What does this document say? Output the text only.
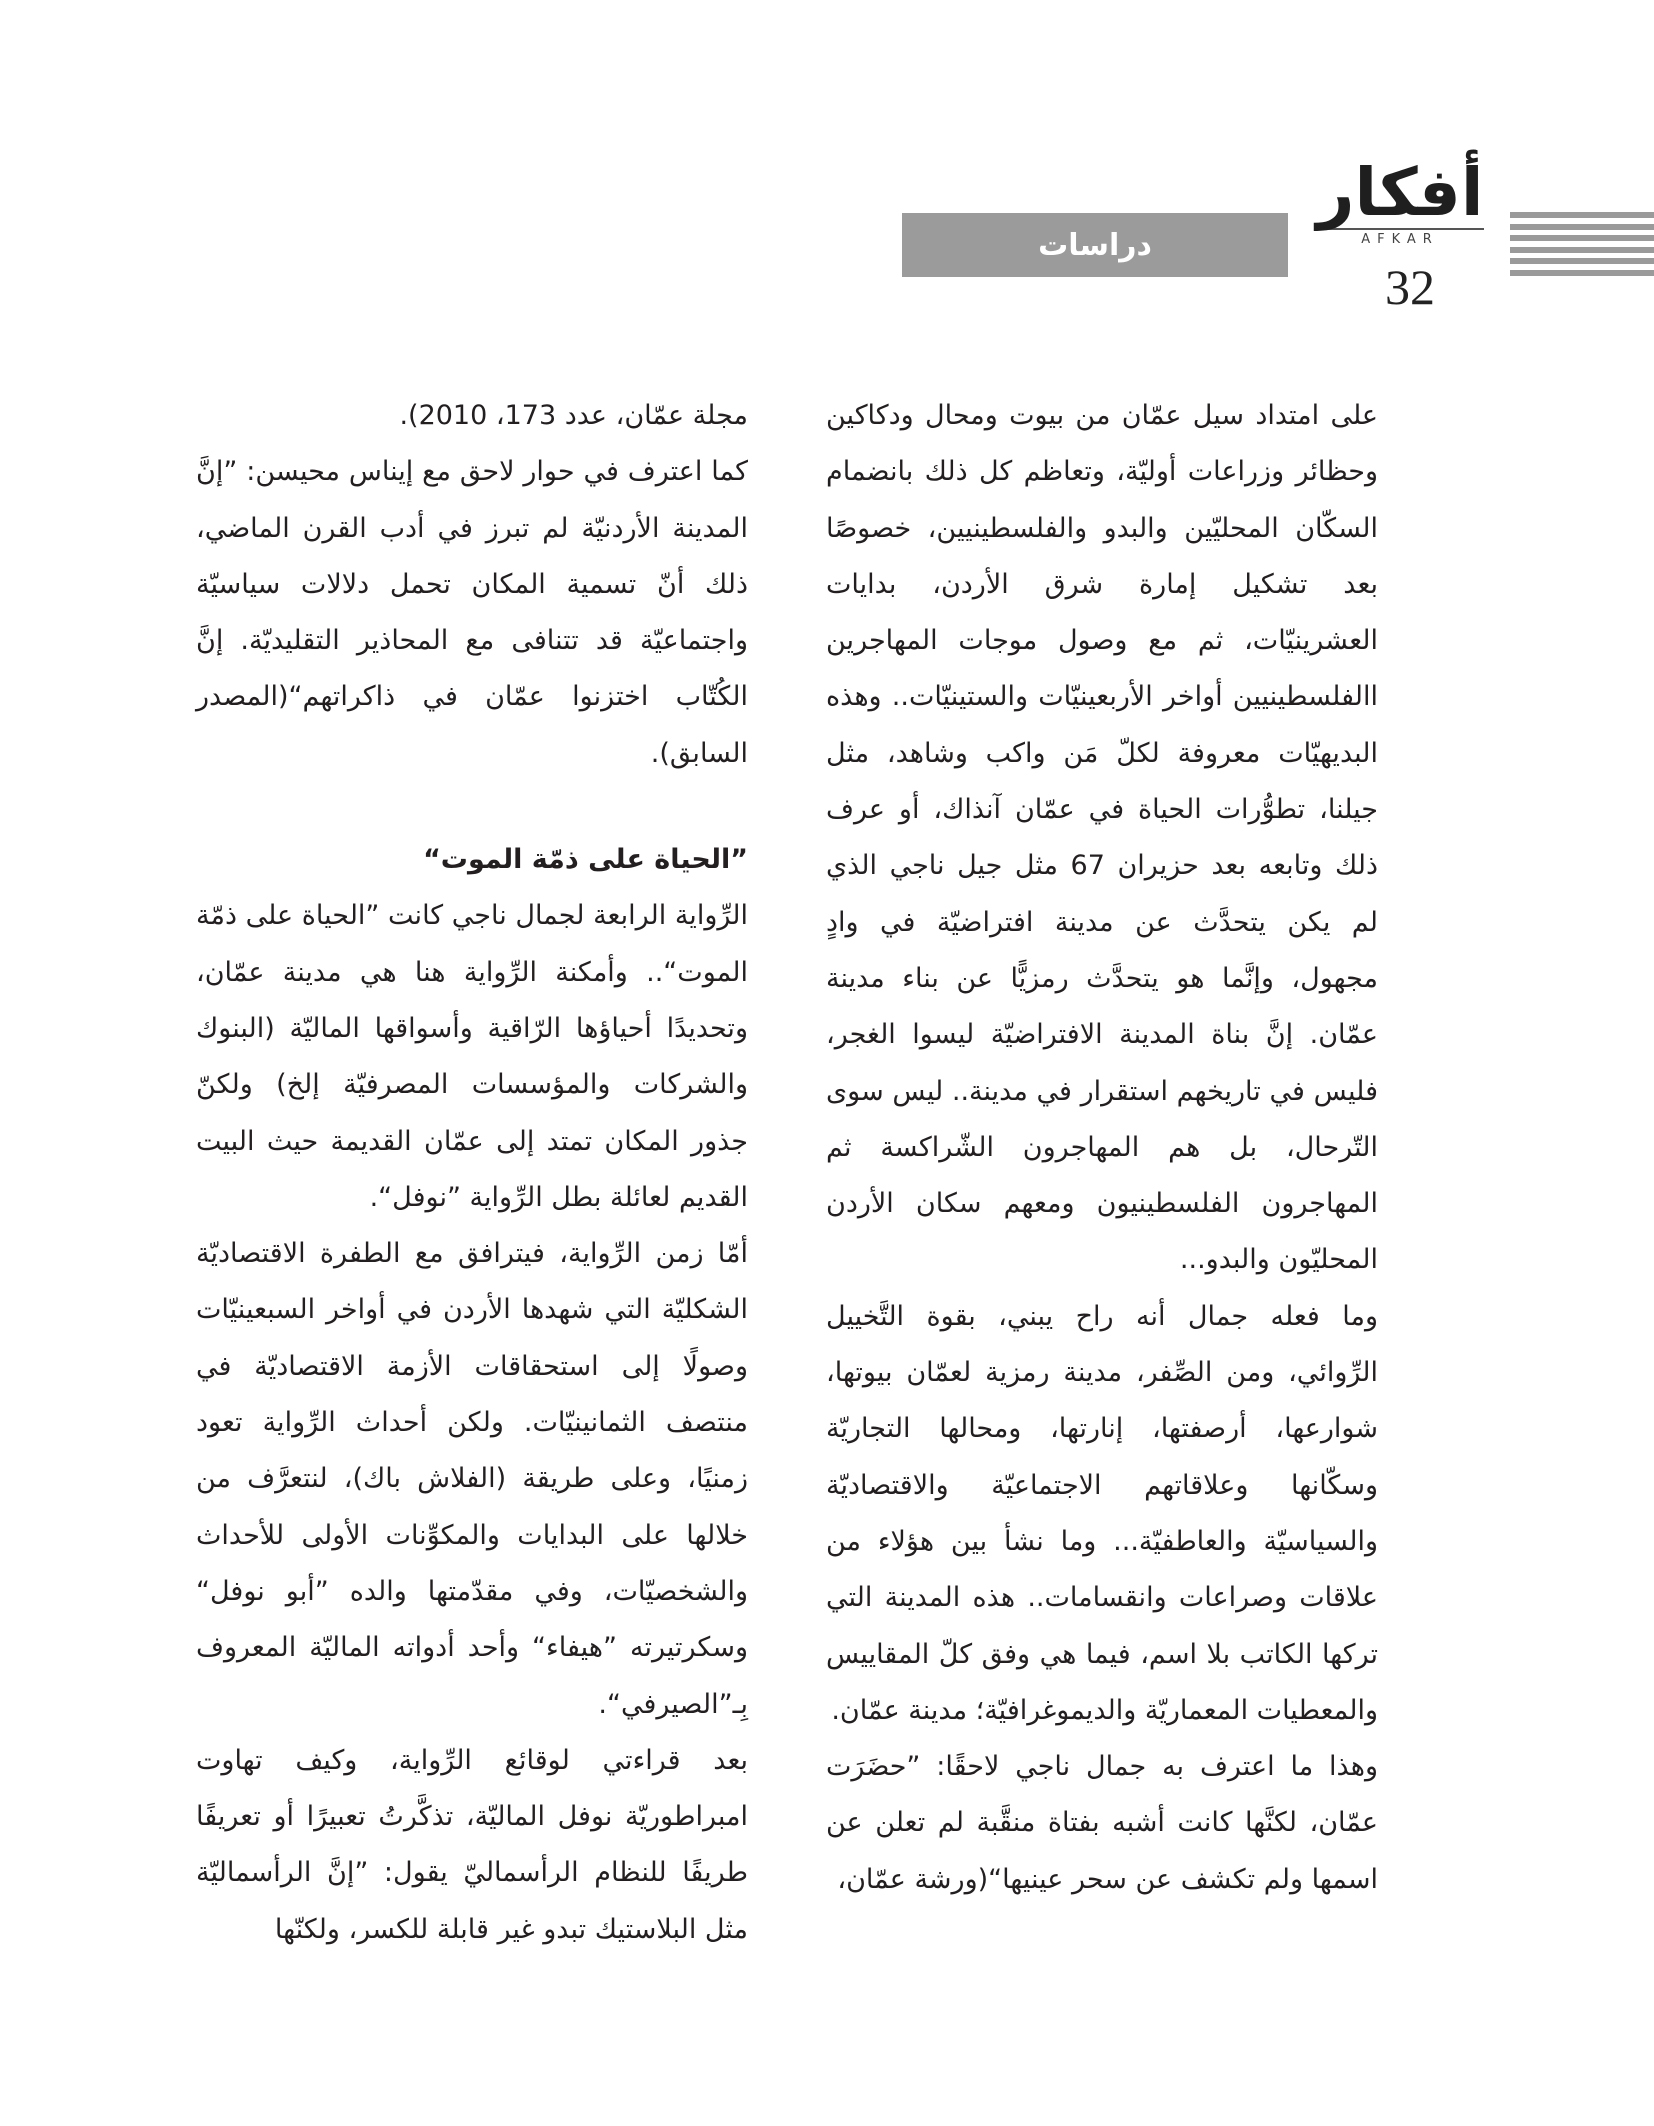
أفكار
AFKAR
32
دراسات

على امتداد سيل عمّان من بيوت ومحال ودكاكين وحظائر وزراعات أوليّة، وتعاظم كل ذلك بانضمام السكّان المحليّين والبدو والفلسطينيين، خصوصًا بعد تشكيل إمارة شرق الأردن، بدايات العشرينيّات، ثم مع وصول موجات المهاجرين االفلسطينيين أواخر الأربعينيّات والستينيّات.. وهذه البديهيّات معروفة لكلّ مَن واكب وشاهد، مثل جيلنا، تطوُّرات الحياة في عمّان آنذاك، أو عرف ذلك وتابعه بعد حزيران 67 مثل جيل ناجي الذي لم يكن يتحدَّث عن مدينة افتراضيّة في وادٍ مجهول، وإنَّما هو يتحدَّث رمزيًّا عن بناء مدينة عمّان. إنَّ بناة المدينة الافتراضيّة ليسوا الغجر، فليس في تاريخهم استقرار في مدينة.. ليس سوى التّرحال، بل هم المهاجرون الشّراكسة ثم المهاجرون الفلسطينيون ومعهم سكان الأردن المحليّون والبدو...

وما فعله جمال أنه راح يبني، بقوة التَّخييل الرِّوائي، ومن الصِّفر، مدينة رمزية لعمّان بيوتها، شوارعها، أرصفتها، إنارتها، ومحالها التجاريّة وسكّانها وعلاقاتهم الاجتماعيّة والاقتصاديّة والسياسيّة والعاطفيّة... وما نشأ بين هؤلاء من علاقات وصراعات وانقسامات.. هذه المدينة التي تركها الكاتب بلا اسم، فيما هي وفق كلّ المقاييس والمعطيات المعماريّة والديموغرافيّة؛ مدينة عمّان.

وهذا ما اعترف به جمال ناجي لاحقًا: ”حضَرَت عمّان، لكنَّها كانت أشبه بفتاة منقَّبة لم تعلن عن اسمها ولم تكشف عن سحر عينيها“(ورشة عمّان،

مجلة عمّان، عدد 173، 2010).

كما اعترف في حوار لاحق مع إيناس محيسن: ”إنَّ المدينة الأردنيّة لم تبرز في أدب القرن الماضي، ذلك أنّ تسمية المكان تحمل دلالات سياسيّة واجتماعيّة قد تتنافى مع المحاذير التقليديّة. إنَّ الكُتّاب اختزنوا عمّان في ذاكراتهم“(المصدر السابق).

”الحياة على ذمّة الموت“

الرِّواية الرابعة لجمال ناجي كانت ”الحياة على ذمّة الموت“.. وأمكنة الرِّواية هنا هي مدينة عمّان، وتحديدًا أحياؤها الرّاقية وأسواقها الماليّة (البنوك والشركات والمؤسسات المصرفيّة إلخ) ولكنّ جذور المكان تمتد إلى عمّان القديمة حيث البيت القديم لعائلة بطل الرِّواية ”نوفل“.

أمّا زمن الرِّواية، فيترافق مع الطفرة الاقتصاديّة الشكليّة التي شهدها الأردن في أواخر السبعينيّات وصولًا إلى استحقاقات الأزمة الاقتصاديّة في منتصف الثمانينيّات. ولكن أحداث الرِّواية تعود زمنيًا، وعلى طريقة (الفلاش باك)، لنتعرَّف من خلالها على البدايات والمكوِّنات الأولى للأحداث والشخصيّات، وفي مقدّمتها والده ”أبو نوفل“ وسكرتيرته ”هيفاء“ وأحد أدواته الماليّة المعروف بِـ”الصيرفي“.

بعد قراءتي لوقائع الرِّواية، وكيف تهاوت امبراطوريّة نوفل الماليّة، تذكَّرتُ تعبيرًا أو تعريفًا طريفًا للنظام الرأسماليّ يقول: ”إنَّ الرأسماليّة مثل البلاستيك تبدو غير قابلة للكسر، ولكنّها
